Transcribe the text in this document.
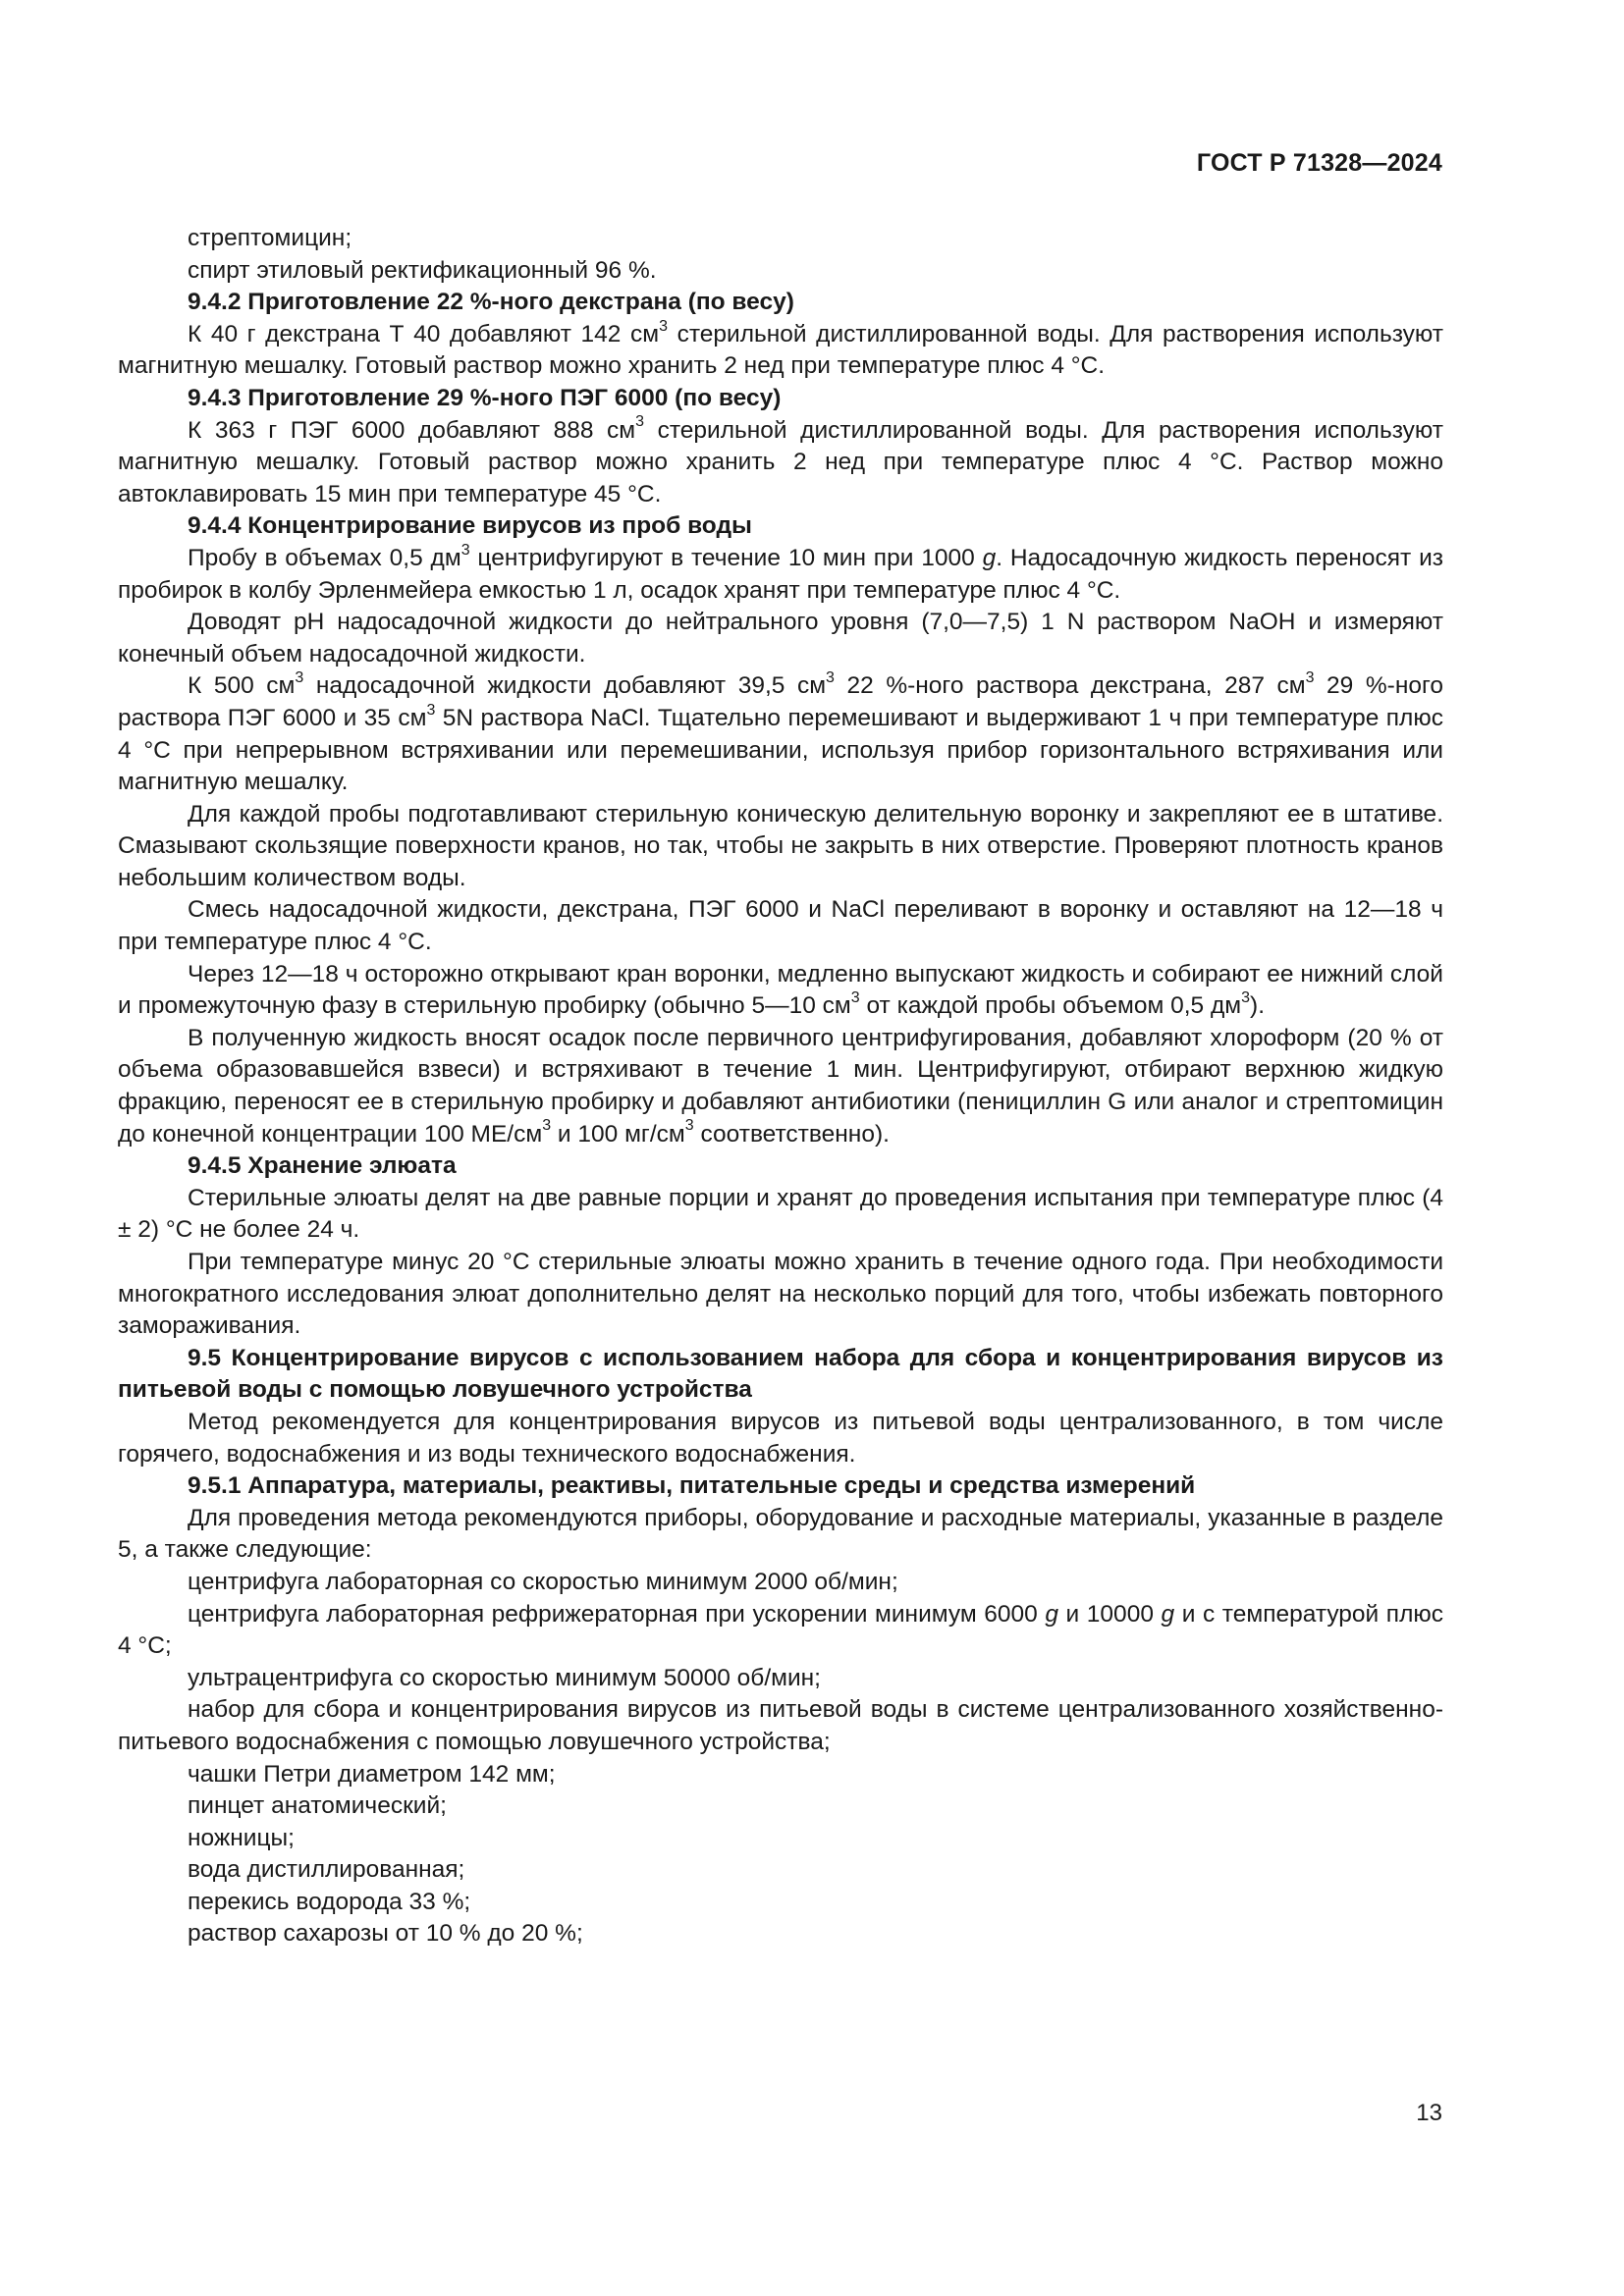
ГОСТ Р 71328—2024

стрептомицин;

спирт этиловый ректификационный 96 %.

9.4.2 Приготовление 22 %-ного декстрана (по весу)

К 40 г декстрана Т 40 добавляют 142 $см^3$ стерильной дистиллированной воды. Для растворения используют магнитную мешалку. Готовый раствор можно хранить 2 нед при температуре плюс 4 °C.

9.4.3 Приготовление 29 %-ного ПЭГ 6000 (по весу)

К 363 г ПЭГ 6000 добавляют 888 $см^3$ стерильной дистиллированной воды. Для растворения используют магнитную мешалку. Готовый раствор можно хранить 2 нед при температуре плюс 4 °C. Раствор можно автоклавировать 15 мин при температуре 45 °C.

9.4.4 Концентрирование вирусов из проб воды

Пробу в объемах 0,5 $дм^3$ центрифугируют в течение 10 мин при 1000 g. Надосадочную жидкость переносят из пробирок в колбу Эрленмейера емкостью 1 л, осадок хранят при температуре плюс 4 °C.

Доводят pH надосадочной жидкости до нейтрального уровня (7,0—7,5) 1 N раствором NaOH и измеряют конечный объем надосадочной жидкости.

К 500 $см^3$ надосадочной жидкости добавляют 39,5 $см^3$ 22 %-ного раствора декстрана, 287 $см^3$ 29 %-ного раствора ПЭГ 6000 и 35 $см^3$ 5N раствора NaCl. Тщательно перемешивают и выдерживают 1 ч при температуре плюс 4 °C при непрерывном встряхивании или перемешивании, используя прибор горизонтального встряхивания или магнитную мешалку.

Для каждой пробы подготавливают стерильную коническую делительную воронку и закрепляют ее в штативе. Смазывают скользящие поверхности кранов, но так, чтобы не закрыть в них отверстие. Проверяют плотность кранов небольшим количеством воды.

Смесь надосадочной жидкости, декстрана, ПЭГ 6000 и NaCl переливают в воронку и оставляют на 12—18 ч при температуре плюс 4 °C.

Через 12—18 ч осторожно открывают кран воронки, медленно выпускают жидкость и собирают ее нижний слой и промежуточную фазу в стерильную пробирку (обычно 5—10 $см^3$ от каждой пробы объемом 0,5 $дм^3$).

В полученную жидкость вносят осадок после первичного центрифугирования, добавляют хлороформ (20 % от объема образовавшейся взвеси) и встряхивают в течение 1 мин. Центрифугируют, отбирают верхнюю жидкую фракцию, переносят ее в стерильную пробирку и добавляют антибиотики (пенициллин G или аналог и стрептомицин до конечной концентрации 100 $МЕ/см^3$ и 100 $мг/см^3$ соответственно).

9.4.5 Хранение элюата

Стерильные элюаты делят на две равные порции и хранят до проведения испытания при температуре плюс (4 ± 2) °C не более 24 ч.

При температуре минус 20 °C стерильные элюаты можно хранить в течение одного года. При необходимости многократного исследования элюат дополнительно делят на несколько порций для того, чтобы избежать повторного замораживания.

9.5 Концентрирование вирусов с использованием набора для сбора и концентрирования вирусов из питьевой воды с помощью ловушечного устройства

Метод рекомендуется для концентрирования вирусов из питьевой воды централизованного, в том числе горячего, водоснабжения и из воды технического водоснабжения.

9.5.1 Аппаратура, материалы, реактивы, питательные среды и средства измерений

Для проведения метода рекомендуются приборы, оборудование и расходные материалы, указанные в разделе 5, а также следующие:

центрифуга лабораторная со скоростью минимум 2000 об/мин;

центрифуга лабораторная рефрижераторная при ускорении минимум 6000 g и 10000 g и с температурой плюс 4 °C;

ультрацентрифуга со скоростью минимум 50000 об/мин;

набор для сбора и концентрирования вирусов из питьевой воды в системе централизованного хозяйственно-питьевого водоснабжения с помощью ловушечного устройства;

чашки Петри диаметром 142 мм;

пинцет анатомический;

ножницы;

вода дистиллированная;

перекись водорода 33 %;

раствор сахарозы от 10 % до 20 %;

13
